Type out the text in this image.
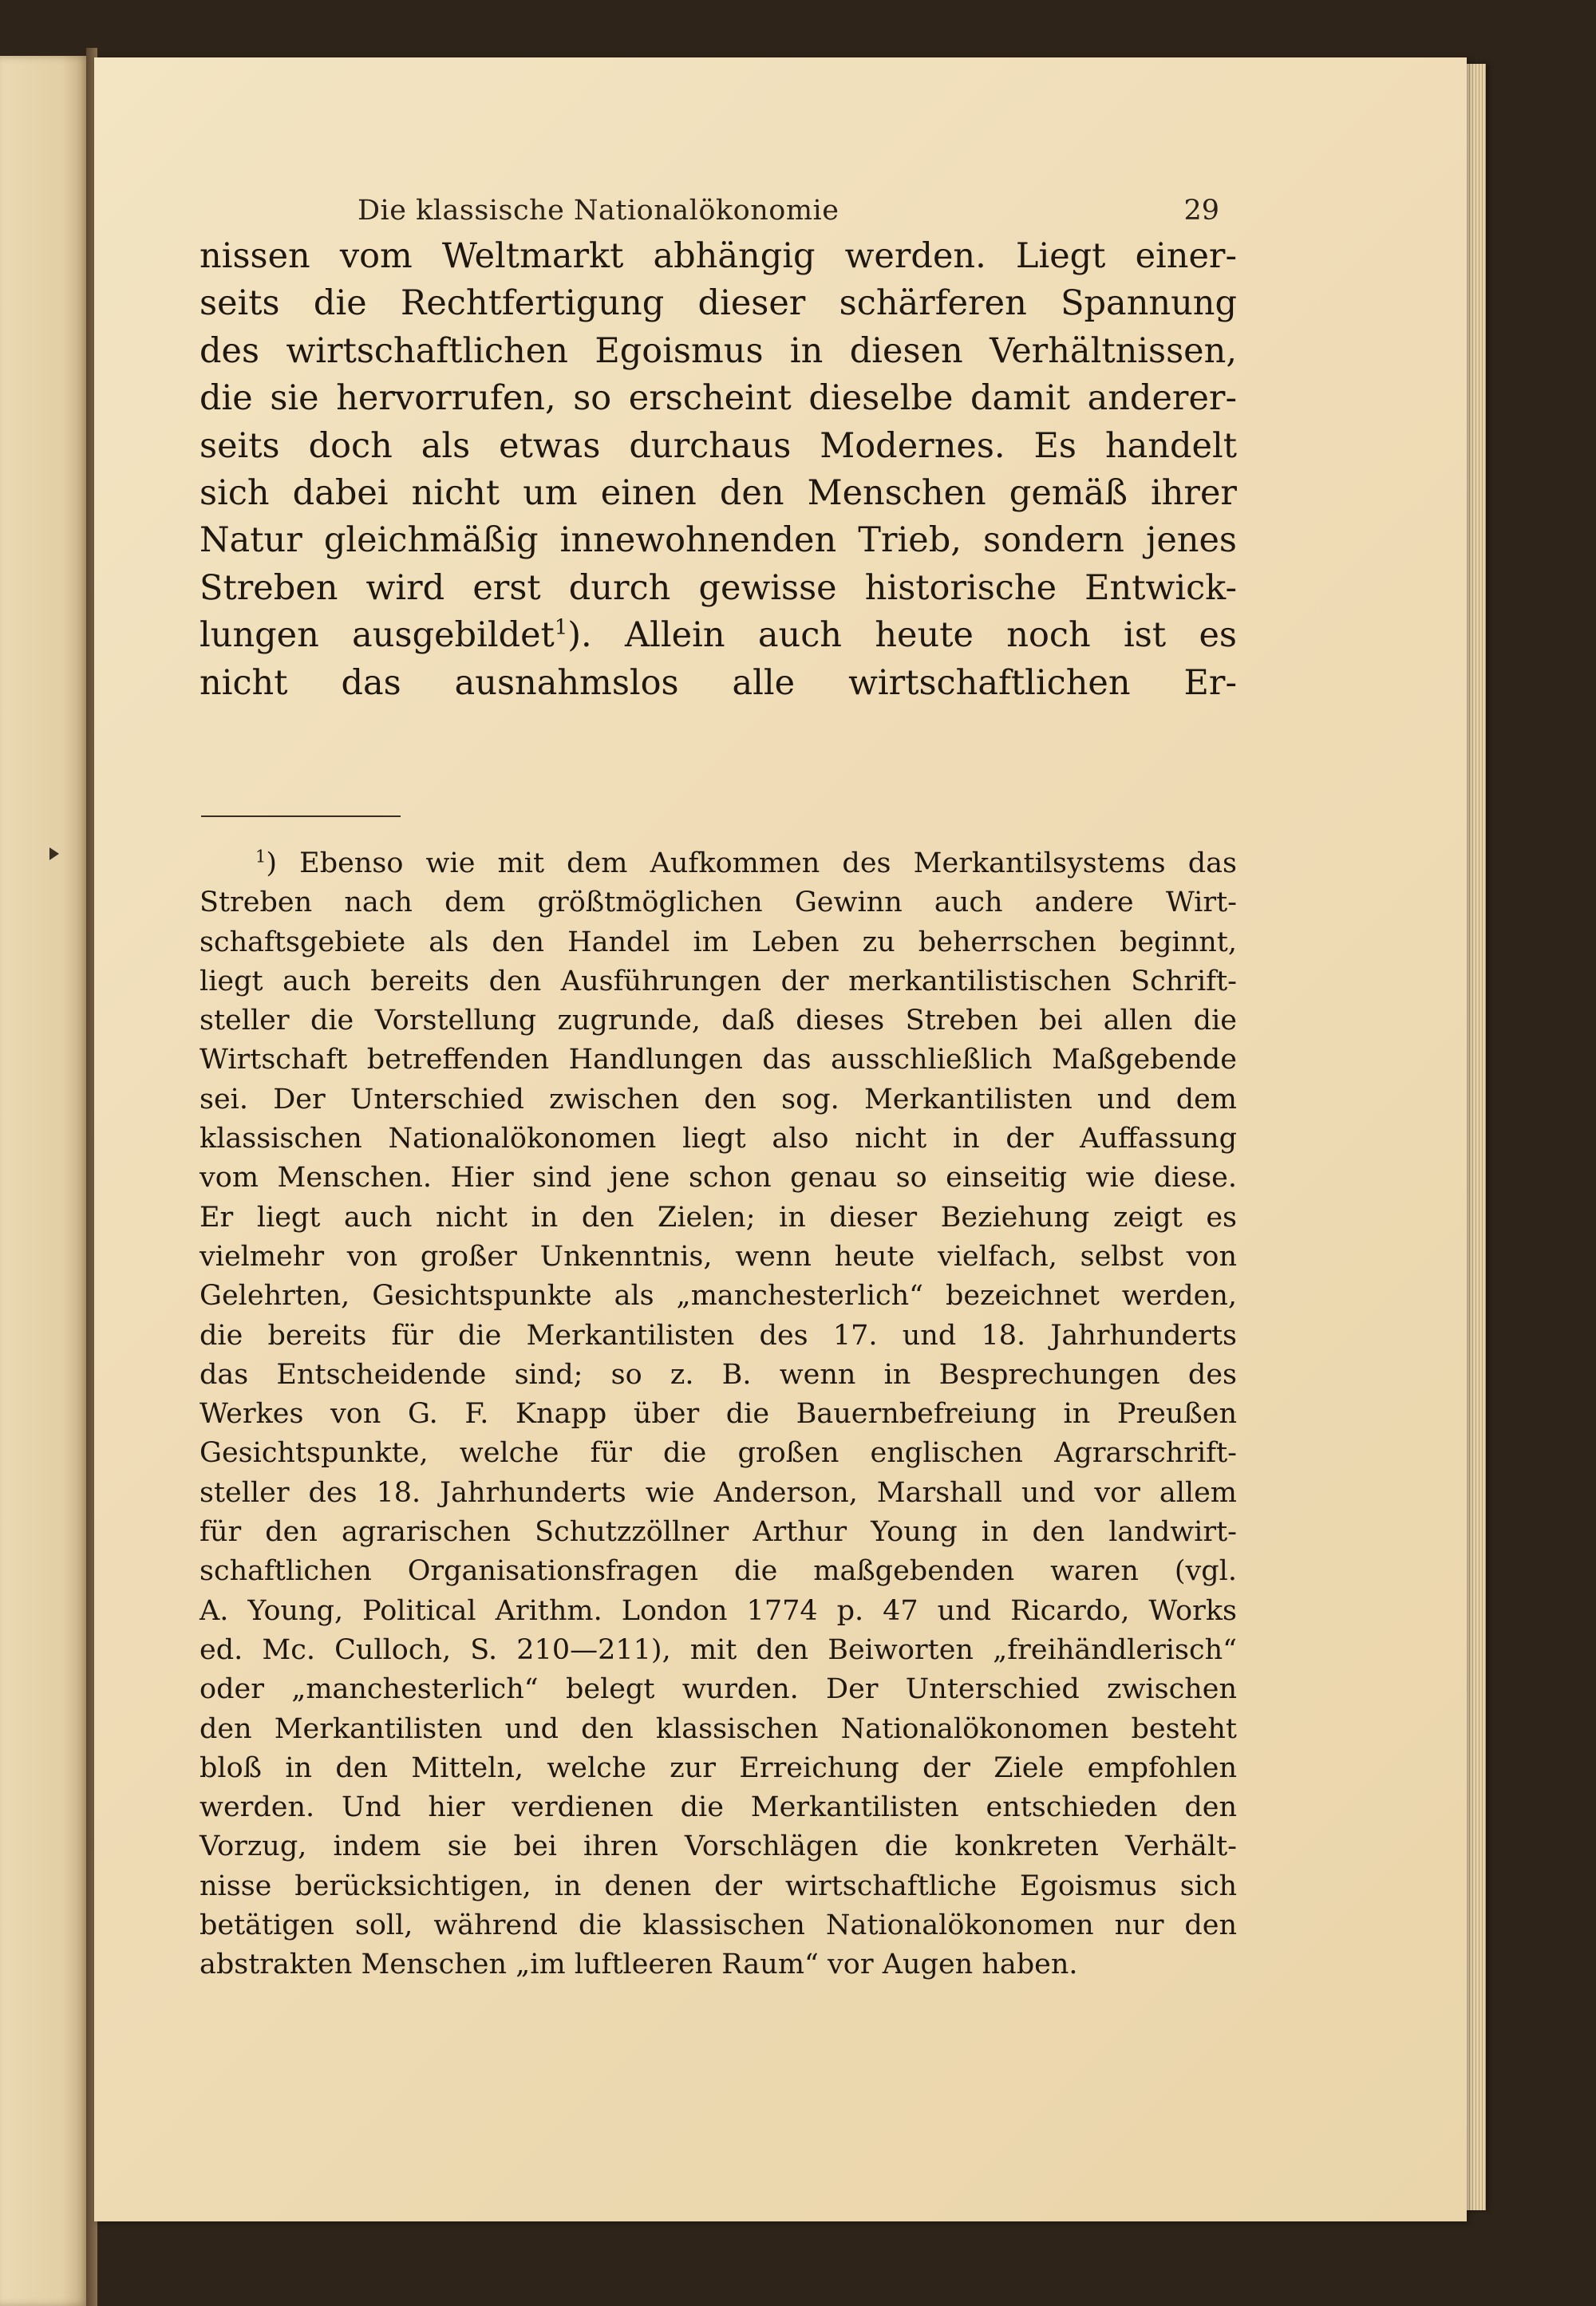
Die klassische Nationalökonomie	29
nissen vom Weltmarkt abhängig werden. Liegt einer-
seits die Rechtfertigung dieser schärferen Spannung
des wirtschaftlichen Egoismus in diesen Verhältnissen,
die sie hervorrufen, so erscheint dieselbe damit anderer-
seits doch als etwas durchaus Modernes. Es handelt
sich dabei nicht um einen den Menschen gemäß ihrer
Natur gleichmäßig innewohnenden Trieb, sondern jenes
Streben wird erst durch gewisse historische Entwick-
lungen ausgebildet$^1$). Allein auch heute noch ist es
nicht das ausnahmslos alle wirtschaftlichen Er-
$^1$) Ebenso wie mit dem Aufkommen des Merkantilsystems das
Streben nach dem größtmöglichen Gewinn auch andere Wirt-
schaftsgebiete als den Handel im Leben zu beherrschen beginnt,
liegt auch bereits den Ausführungen der merkantilistischen Schrift-
steller die Vorstellung zugrunde, daß dieses Streben bei allen die
Wirtschaft betreffenden Handlungen das ausschließlich Maßgebende
sei. Der Unterschied zwischen den sog. Merkantilisten und dem
klassischen Nationalökonomen liegt also nicht in der Auffassung
vom Menschen. Hier sind jene schon genau so einseitig wie diese.
Er liegt auch nicht in den Zielen; in dieser Beziehung zeigt es
vielmehr von großer Unkenntnis, wenn heute vielfach, selbst von
Gelehrten, Gesichtspunkte als „manchesterlich“ bezeichnet werden,
die bereits für die Merkantilisten des 17. und 18. Jahrhunderts
das Entscheidende sind; so z. B. wenn in Besprechungen des
Werkes von G. F. Knapp über die Bauernbefreiung in Preußen
Gesichtspunkte, welche für die großen englischen Agrarschrift-
steller des 18. Jahrhunderts wie Anderson, Marshall und vor allem
für den agrarischen Schutzzöllner Arthur Young in den landwirt-
schaftlichen Organisationsfragen die maßgebenden waren (vgl.
A. Young, Political Arithm. London 1774 p. 47 und Ricardo, Works
ed. Mc. Culloch, S. 210—211), mit den Beiworten „freihändlerisch“
oder „manchesterlich“ belegt wurden. Der Unterschied zwischen
den Merkantilisten und den klassischen Nationalökonomen besteht
bloß in den Mitteln, welche zur Erreichung der Ziele empfohlen
werden. Und hier verdienen die Merkantilisten entschieden den
Vorzug, indem sie bei ihren Vorschlägen die konkreten Verhält-
nisse berücksichtigen, in denen der wirtschaftliche Egoismus sich
betätigen soll, während die klassischen Nationalökonomen nur den
abstrakten Menschen „im luftleeren Raum“ vor Augen haben.
